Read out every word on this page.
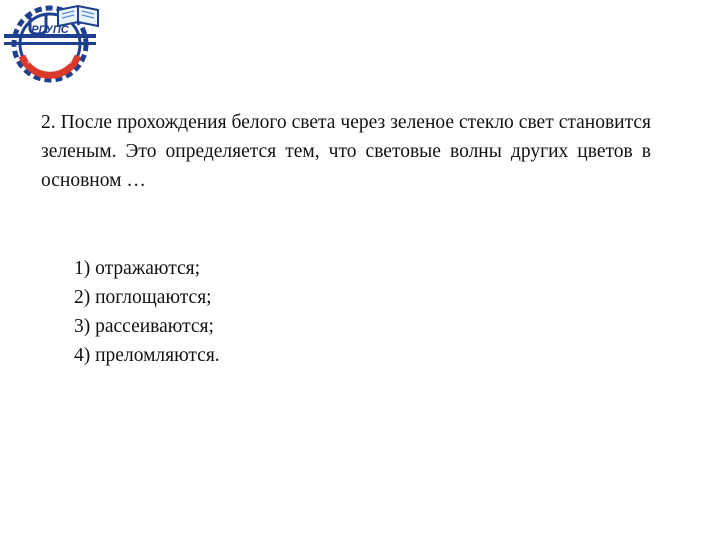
РГУПС
РОСТОВ-НА-ДОНУ
2. После прохождения белого света через зеленое стекло свет становится зеленым. Это определяется тем, что световые волны других цветов в основном …
1) отражаются;
2) поглощаются;
3) рассеиваются;
4) преломляются.
